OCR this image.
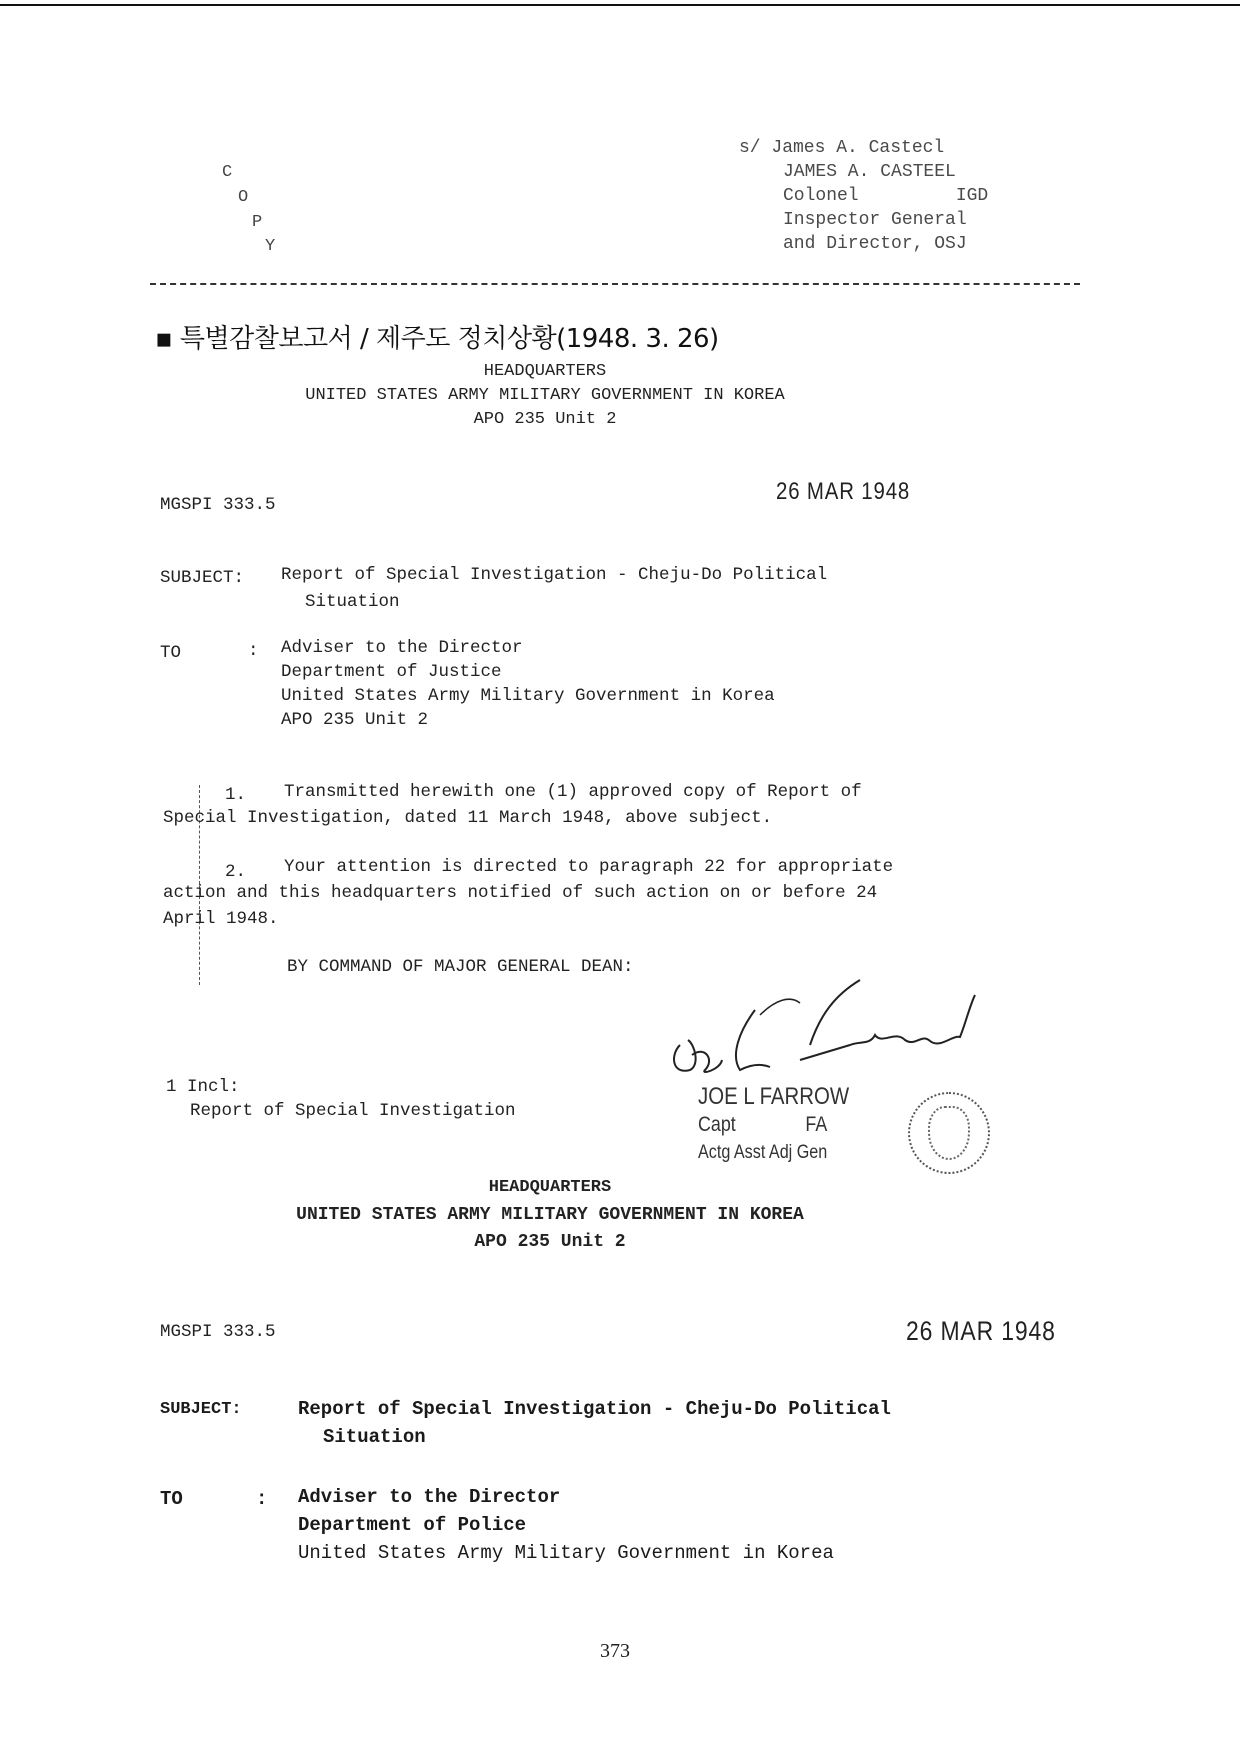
C
O
P
Y
s/ James A. Castecl
JAMES A. CASTEEL
Colonel         IGD
Inspector General
and Director, OSJ
▪ 특별감찰보고서 / 제주도 정치상황(1948. 3. 26)
HEADQUARTERS
UNITED STATES ARMY MILITARY GOVERNMENT IN KOREA
APO 235 Unit 2
MGSPI 333.5	26 MAR 1948
SUBJECT: Report of Special Investigation - Cheju-Do Political
Situation
TO	: Adviser to the Director
Department of Justice
United States Army Military Government in Korea
APO 235 Unit 2
1. Transmitted herewith one (1) approved copy of Report of
Special Investigation, dated 11 March 1948, above subject.
2. Your attention is directed to paragraph 22 for appropriate
action and this headquarters notified of such action on or before 24
April 1948.
BY COMMAND OF MAJOR GENERAL DEAN:
1 Incl:
Report of Special Investigation
JOE L FARROW
Capt	FA
Actg Asst Adj Gen
HEADQUARTERS
UNITED STATES ARMY MILITARY GOVERNMENT IN KOREA
APO 235 Unit 2
MGSPI 333.5	26 MAR 1948
SUBJECT:	Report of Special Investigation - Cheju-Do Political
Situation
TO	: Adviser to the Director
Department of Police
United States Army Military Government in Korea
373
